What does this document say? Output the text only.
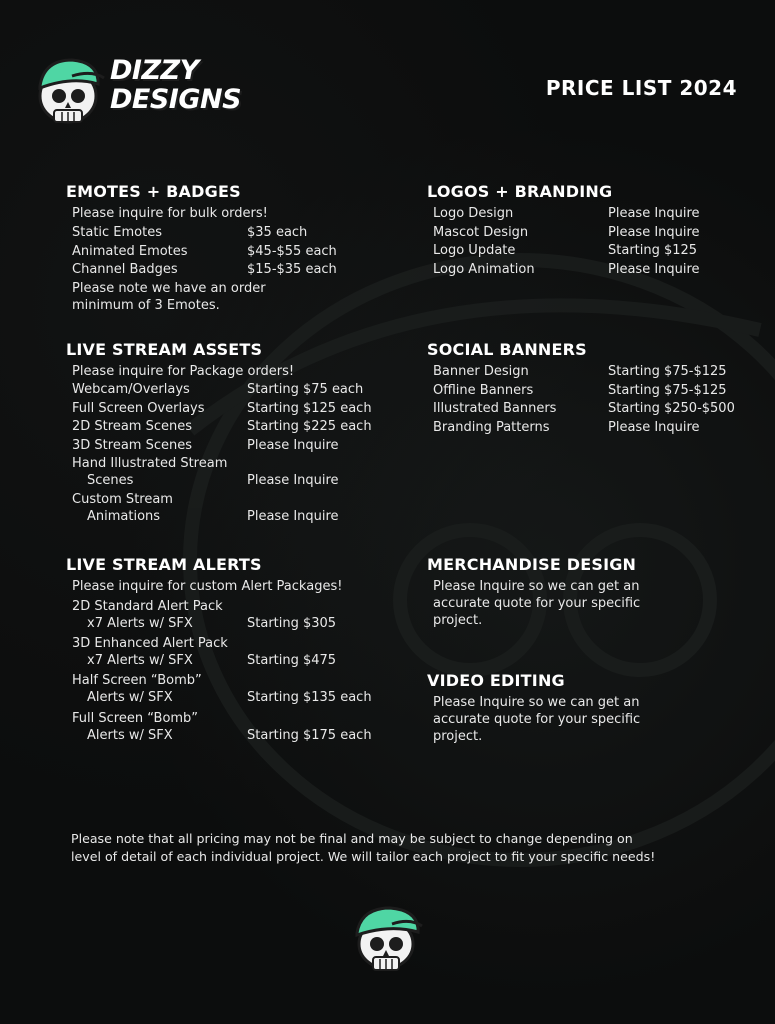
DIZZY
DESIGNS	PRICE LIST 2024
EMOTES + BADGES
Please inquire for bulk orders!
Static Emotes	$35 each
Animated Emotes	$45-$55 each
Channel Badges	$15-$35 each
Please note we have an order
minimum of 3 Emotes.
LOGOS + BRANDING
Logo Design	Please Inquire
Mascot Design	Please Inquire
Logo Update	Starting $125
Logo Animation	Please Inquire
LIVE STREAM ASSETS
Please inquire for Package orders!
Webcam/Overlays	Starting $75 each
Full Screen Overlays	Starting $125 each
2D Stream Scenes	Starting $225 each
3D Stream Scenes	Please Inquire
Hand Illustrated Stream
Scenes	Please Inquire
Custom Stream
Animations	Please Inquire
SOCIAL BANNERS
Banner Design	Starting $75-$125
Offline Banners	Starting $75-$125
Illustrated Banners	Starting $250-$500
Branding Patterns	Please Inquire
LIVE STREAM ALERTS
Please inquire for custom Alert Packages!
2D Standard Alert Pack
x7 Alerts w/ SFX	Starting $305
3D Enhanced Alert Pack
x7 Alerts w/ SFX	Starting $475
Half Screen “Bomb”
Alerts w/ SFX	Starting $135 each
Full Screen “Bomb”
Alerts w/ SFX	Starting $175 each
MERCHANDISE DESIGN
Please Inquire so we can get an
accurate quote for your specific
project.
VIDEO EDITING
Please Inquire so we can get an
accurate quote for your specific
project.
Please note that all pricing may not be final and may be subject to change depending on
level of detail of each individual project. We will tailor each project to fit your specific needs!
